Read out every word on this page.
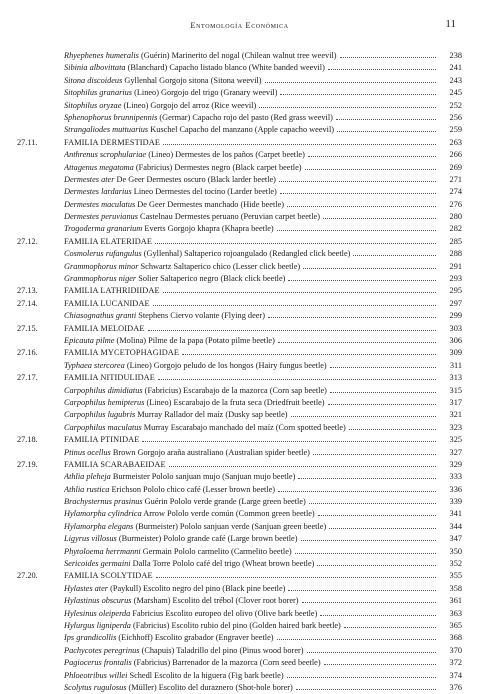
Entomología Económica	11
Rhyephenes humeralis (Guérin) Marinerito del nogal (Chilean walnut tree weevil)	238
Sibinia albovittata (Blanchard) Capacho listado blanco (White banded weevil)	241
Sitona discoideus Gyllenhal Gorgojo sitona (Sitona weevil)	243
Sitophilus granarius (Lineo) Gorgojo del trigo (Granary weevil)	245
Sitophilus oryzae (Lineo) Gorgojo del arroz (Rice weevil)	252
Sphenophorus brunnipennis (Germar) Capacho rojo del pasto (Red grass weevil)	256
Strangaliodes muttuarius Kuschel Capacho del manzano (Apple capacho weevil)	259
27.11.	FAMILIA DERMESTIDAE	263
Anthrenus scrophulariae (Lineo) Dermestes de los paños (Carpet beetle)	266
Attagenus megatoma (Fabricius) Dermestes negro (Black carpet beetle)	269
Dermestes ater De Geer Dermestes oscuro (Black larder beetle)	271
Dermestes lardarius Lineo Dermestes del tocino (Larder beetle)	274
Dermestes maculatus De Geer Dermestes manchado (Hide beetle)	276
Dermestes peruvianus Castelnau Dermestes peruano (Peruvian carpet beetle)	280
Trogoderma granarium Everts Gorgojo khapra (Khapra beetle)	282
27.12.	FAMILIA ELATERIDAE	285
Cosmolerus rufangulus (Gyllenhal) Saltaperico rojoangulado (Redangled click beetle)	288
Grammophorus minor Schwartz Saltaperico chico (Lesser click beetle)	291
Grammophorus niger Solier Saltaperico negro (Black click beetle)	293
27.13.	FAMILIA LATHRIDIIDAE	295
27.14.	FAMILIA LUCANIDAE	297
Chiasognathus granti Stephens Ciervo volante (Flying deer)	299
27.15.	FAMILIA MELOIDAE	303
Epicauta pilme (Molina) Pilme de la papa (Potato pilme beetle)	306
27.16.	FAMILIA MYCETOPHAGIDAE	309
Typhaea stercorea (Lineo) Gorgojo peludo de los hongos (Hairy fungus beetle)	311
27.17.	FAMILIA NITIDULIDAE	313
Carpophilus dimidiatus (Fabricius) Escarabajo de la mazorca (Corn sap beetle)	315
Carpophilus hemipterus (Lineo) Escarabajo de la fruta seca (Driedfruit beetle)	317
Carpophilus lugubris Murray Rallador del maíz (Dusky sap beetle)	321
Carpophilus maculatus Murray Escarabajo manchado del maíz (Corn spotted beetle)	323
27.18.	FAMILIA PTINIDAE	325
Ptinus ocellus Brown Gorgojo araña australiano (Australian spider beetle)	327
27.19.	FAMILIA SCARABAEIDAE	329
Athlia pleheja Burmeister Pololo sanjuan mujo (Sanjuan mujo beetle)	333
Athlia rustica Erichson Pololo chico café (Lesser brown beetle)	336
Brachysternus prasinus Guérin Pololo verde grande (Large green beetle)	339
Hylamorpha cylindrica Arrow Pololo verde común (Common green beetle)	341
Hylamorpha elegans (Burmeister) Pololo sanjuan verde (Sanjuan green beetle)	344
Ligyrus villosus (Burmeister) Pololo grande café (Large brown beetle)	347
Phytoloema herrmanni Germain Pololo carmelito (Carmelito beetle)	350
Sericoides germaini Dalla Torre Pololo café del trigo (Wheat brown beetle)	352
27.20.	FAMILIA SCOLYTIDAE	355
Hylastes ater (Paykull) Escolito negro del pino (Black pine beetle)	358
Hylastinus obscurus (Marsham) Escolito del trébol (Clover root borer)	361
Hylesinus oleiperda Fabricius Escolito europeo del olivo (Olive bark beetle)	363
Hylurgus ligniperda (Fabricius) Escolito rubio del pino (Golden haired bark beetle)	365
Ips grandicollis (Eichhoff) Escolito grabador (Engraver beetle)	368
Pachycotes peregrinus (Chapuis) Taladrillo del pino (Pinus wood borer)	370
Pagiocerus frontalis (Fabricius) Barrenador de la mazorca (Corn seed beetle)	372
Phloeotribus willei Schedl Escolito de la higuera (Fig bark beetle)	374
Scolytus rugulosus (Müller) Escolito del duraznero (Shot-hole borer)	376
